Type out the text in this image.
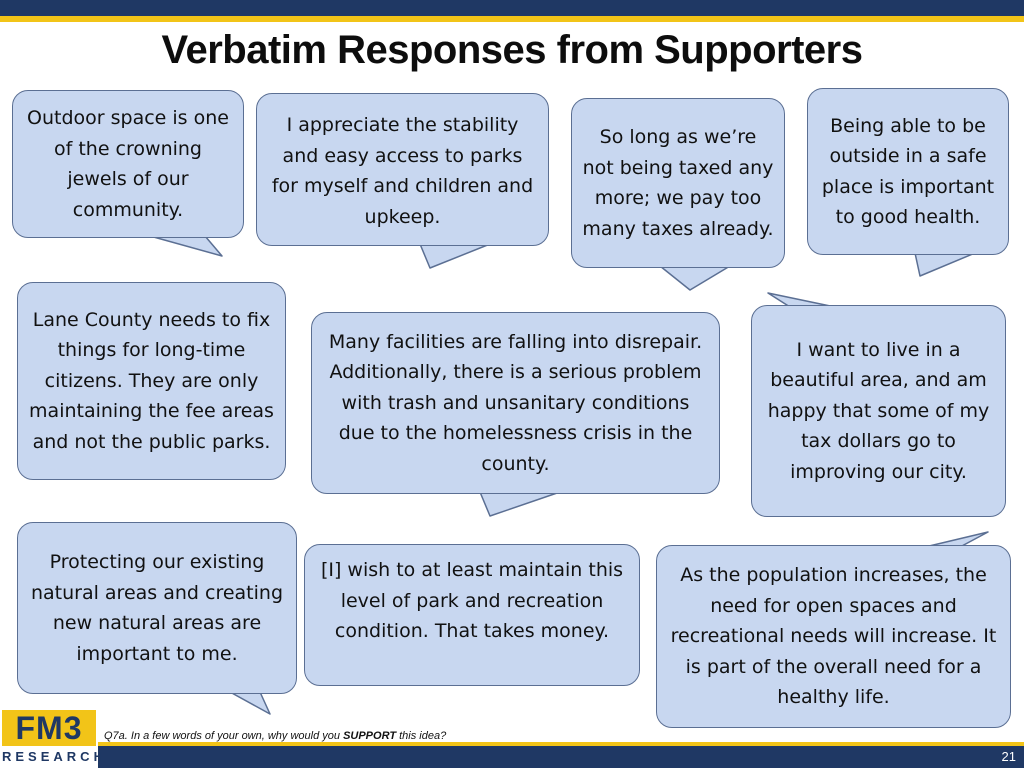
Verbatim Responses from Supporters
Outdoor space is one of the crowning jewels of our community.
I appreciate the stability and easy access to parks for myself and children and upkeep.
So long as we’re not being taxed any more; we pay too many taxes already.
Being able to be outside in a safe place is important to good health.
Lane County needs to fix things for long-time citizens. They are only maintaining the fee areas and not the public parks.
Many facilities are falling into disrepair. Additionally, there is a serious problem with trash and unsanitary conditions due to the homelessness crisis in the county.
I want to live in a beautiful area, and am happy that some of my tax dollars go to improving our city.
Protecting our existing natural areas and creating new natural areas are important to me.
[I] wish to at least maintain this level of park and recreation condition. That takes money.
As the population increases, the need for open spaces and recreational needs will increase. It is part of the overall need for a healthy life.
FM3
RESEARCH
Q7a. In a few words of your own, why would you SUPPORT this idea?
21
